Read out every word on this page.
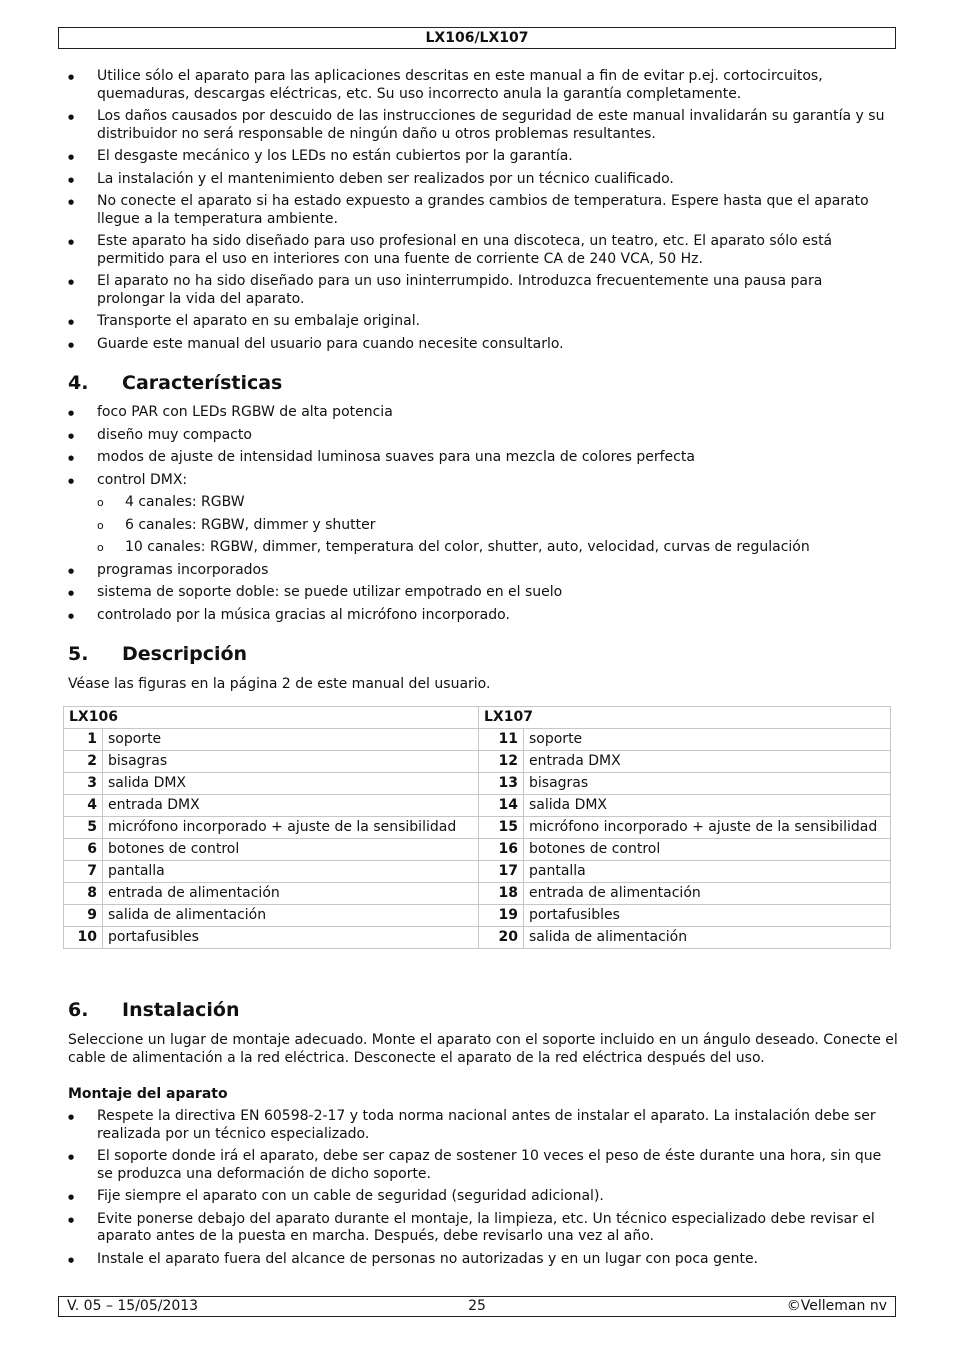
LX106/LX107
● Utilice sólo el aparato para las aplicaciones descritas en este manual a fin de evitar p.ej. cortocircuitos, quemaduras, descargas eléctricas, etc. Su uso incorrecto anula la garantía completamente.
● Los daños causados por descuido de las instrucciones de seguridad de este manual invalidarán su garantía y su distribuidor no será responsable de ningún daño u otros problemas resultantes.
● El desgaste mecánico y los LEDs no están cubiertos por la garantía.
● La instalación y el mantenimiento deben ser realizados por un técnico cualificado.
● No conecte el aparato si ha estado expuesto a grandes cambios de temperatura. Espere hasta que el aparato llegue a la temperatura ambiente.
● Este aparato ha sido diseñado para uso profesional en una discoteca, un teatro, etc. El aparato sólo está permitido para el uso en interiores con una fuente de corriente CA de 240 VCA, 50 Hz.
● El aparato no ha sido diseñado para un uso ininterrumpido. Introduzca frecuentemente una pausa para prolongar la vida del aparato.
● Transporte el aparato en su embalaje original.
● Guarde este manual del usuario para cuando necesite consultarlo.
4. Características
● foco PAR con LEDs RGBW de alta potencia
● diseño muy compacto
● modos de ajuste de intensidad luminosa suaves para una mezcla de colores perfecta
● control DMX:
o 4 canales: RGBW
o 6 canales: RGBW, dimmer y shutter
o 10 canales: RGBW, dimmer, temperatura del color, shutter, auto, velocidad, curvas de regulación
● programas incorporados
● sistema de soporte doble: se puede utilizar empotrado en el suelo
● controlado por la música gracias al micrófono incorporado.
5. Descripción

Véase las figuras en la página 2 de este manual del usuario.

LX106		LX107	
1	soporte	11	soporte
2	bisagras	12	entrada DMX
3	salida DMX	13	bisagras
4	entrada DMX	14	salida DMX
5	micrófono incorporado + ajuste de la sensibilidad	15	micrófono incorporado + ajuste de la sensibilidad
6	botones de control	16	botones de control
7	pantalla	17	pantalla
8	entrada de alimentación	18	entrada de alimentación
9	salida de alimentación	19	portafusibles
10	portafusibles	20	salida de alimentación
6. Instalación

Seleccione un lugar de montaje adecuado. Monte el aparato con el soporte incluido en un ángulo deseado. Conecte el cable de alimentación a la red eléctrica. Desconecte el aparato de la red eléctrica después del uso.

Montaje del aparato
● Respete la directiva EN 60598-2-17 y toda norma nacional antes de instalar el aparato. La instalación debe ser realizada por un técnico especializado.
● El soporte donde irá el aparato, debe ser capaz de sostener 10 veces el peso de éste durante una hora, sin que se produzca una deformación de dicho soporte.
● Fije siempre el aparato con un cable de seguridad (seguridad adicional).
● Evite ponerse debajo del aparato durante el montaje, la limpieza, etc. Un técnico especializado debe revisar el aparato antes de la puesta en marcha. Después, debe revisarlo una vez al año.
● Instale el aparato fuera del alcance de personas no autorizadas y en un lugar con poca gente.
V. 05 – 15/05/2013	25	©Velleman nv
